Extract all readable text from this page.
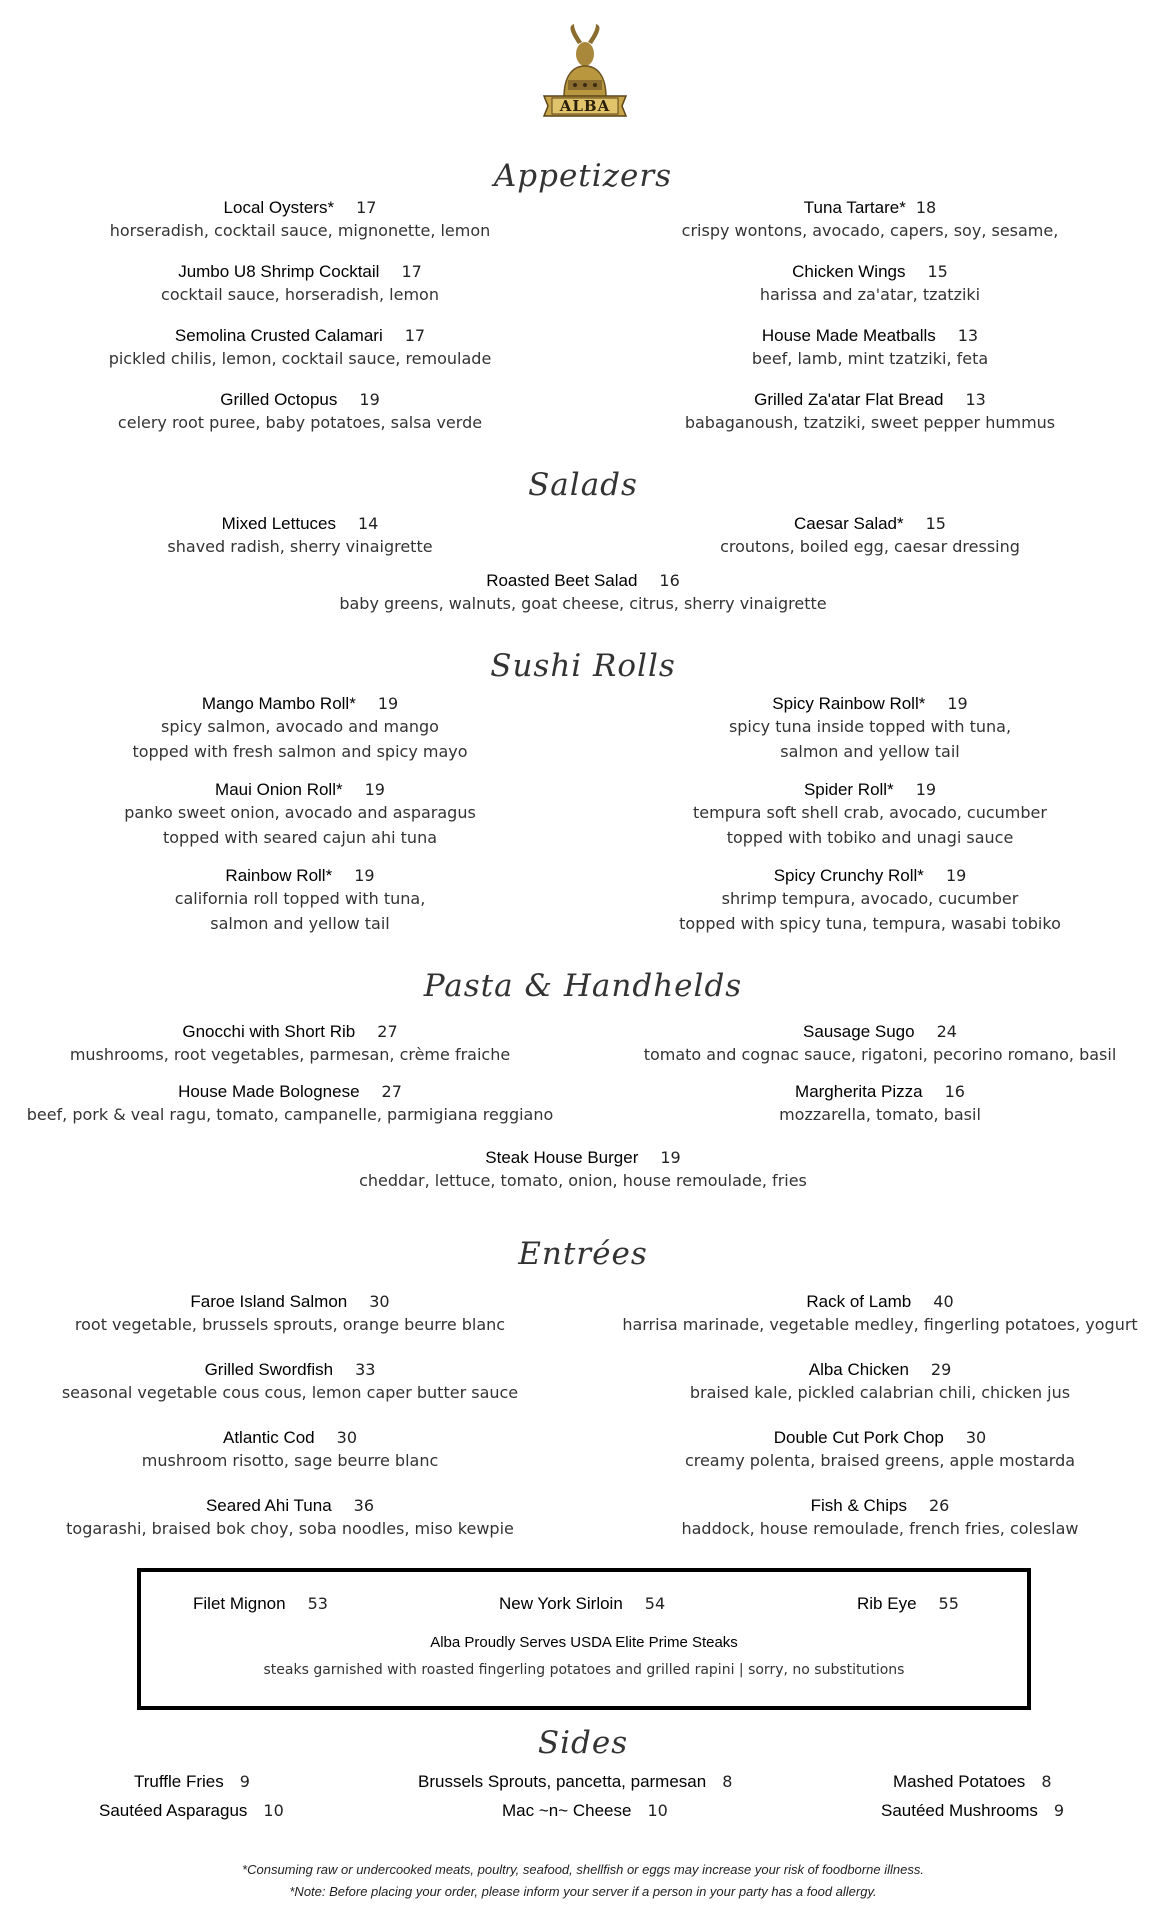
ALBA
Appetizers
Local Oysters* 17
horseradish, cocktail sauce, mignonette, lemon
Tuna Tartare* 18
crispy wontons, avocado, capers, soy, sesame,
Jumbo U8 Shrimp Cocktail 17
cocktail sauce, horseradish, lemon
Chicken Wings 15
harissa and za'atar, tzatziki
Semolina Crusted Calamari 17
pickled chilis, lemon, cocktail sauce, remoulade
House Made Meatballs 13
beef, lamb, mint tzatziki, feta
Grilled Octopus 19
celery root puree, baby potatoes, salsa verde
Grilled Za'atar Flat Bread 13
babaganoush, tzatziki, sweet pepper hummus
Salads
Mixed Lettuces 14
shaved radish, sherry vinaigrette
Caesar Salad* 15
croutons, boiled egg, caesar dressing
Roasted Beet Salad 16
baby greens, walnuts, goat cheese, citrus, sherry vinaigrette
Sushi Rolls
Mango Mambo Roll* 19
spicy salmon, avocado and mango
topped with fresh salmon and spicy mayo
Spicy Rainbow Roll* 19
spicy tuna inside topped with tuna,
salmon and yellow tail
Maui Onion Roll* 19
panko sweet onion, avocado and asparagus
topped with seared cajun ahi tuna
Spider Roll* 19
tempura soft shell crab, avocado, cucumber
topped with tobiko and unagi sauce
Rainbow Roll* 19
california roll topped with tuna,
salmon and yellow tail
Spicy Crunchy Roll* 19
shrimp tempura, avocado, cucumber
topped with spicy tuna, tempura, wasabi tobiko
Pasta & Handhelds
Gnocchi with Short Rib 27
mushrooms, root vegetables, parmesan, crème fraiche
Sausage Sugo 24
tomato and cognac sauce, rigatoni, pecorino romano, basil
House Made Bolognese 27
beef, pork & veal ragu, tomato, campanelle, parmigiana reggiano
Margherita Pizza 16
mozzarella, tomato, basil
Steak House Burger 19
cheddar, lettuce, tomato, onion, house remoulade, fries
Entrées
Faroe Island Salmon 30
root vegetable, brussels sprouts, orange beurre blanc
Rack of Lamb 40
harrisa marinade, vegetable medley, fingerling potatoes, yogurt
Grilled Swordfish 33
seasonal vegetable cous cous, lemon caper butter sauce
Alba Chicken 29
braised kale, pickled calabrian chili, chicken jus
Atlantic Cod 30
mushroom risotto, sage beurre blanc
Double Cut Pork Chop 30
creamy polenta, braised greens, apple mostarda
Seared Ahi Tuna 36
togarashi, braised bok choy, soba noodles, miso kewpie
Fish & Chips 26
haddock, house remoulade, french fries, coleslaw
Filet Mignon 53	New York Sirloin 54	Rib Eye 55
Alba Proudly Serves USDA Elite Prime Steaks
steaks garnished with roasted fingerling potatoes and grilled rapini | sorry, no substitutions
Sides
Truffle Fries 9	Brussels Sprouts, pancetta, parmesan 8	Mashed Potatoes 8
Sautéed Asparagus 10	Mac ~n~ Cheese 10	Sautéed Mushrooms 9
*Consuming raw or undercooked meats, poultry, seafood, shellfish or eggs may increase your risk of foodborne illness.
*Note: Before placing your order, please inform your server if a person in your party has a food allergy.
